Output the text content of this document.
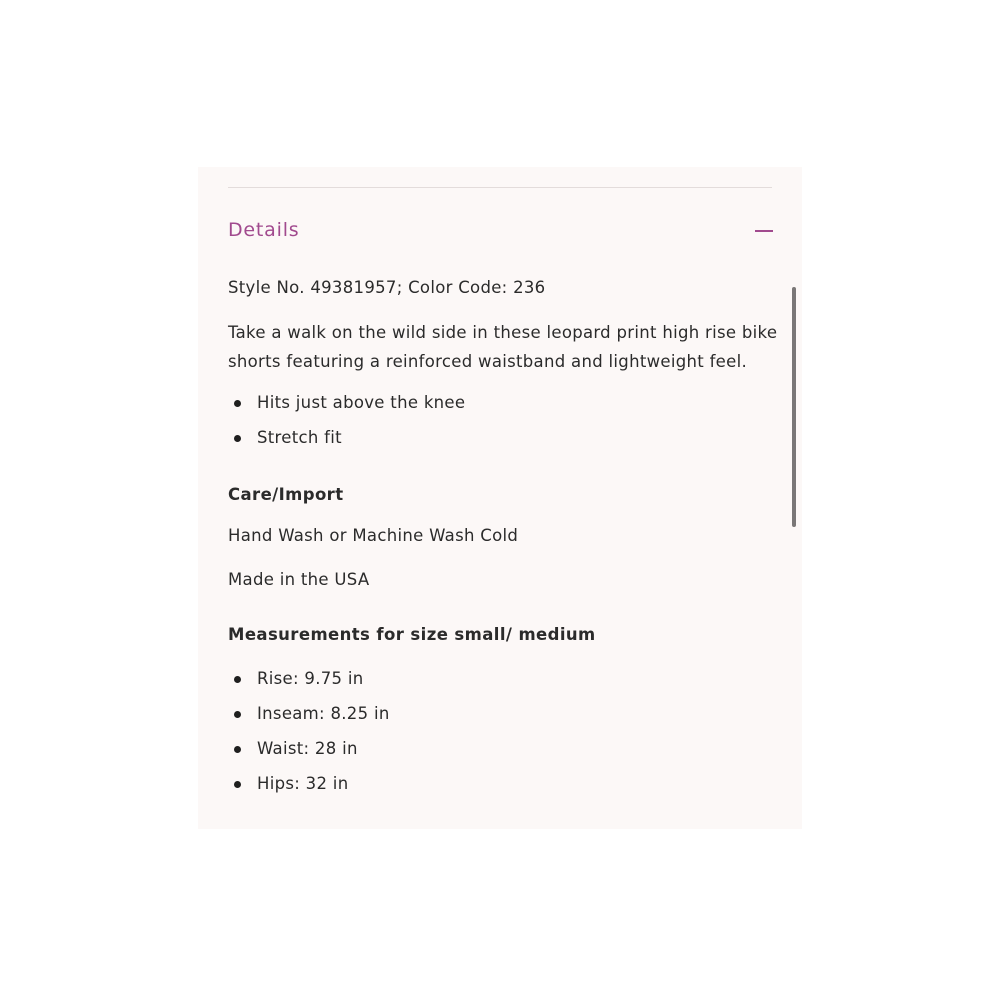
Details
Style No. 49381957; Color Code: 236
Take a walk on the wild side in these leopard print high rise bike shorts featuring a reinforced waistband and lightweight feel.
Hits just above the knee
Stretch fit
Care/Import
Hand Wash or Machine Wash Cold
Made in the USA
Measurements for size small/ medium
Rise: 9.75 in
Inseam: 8.25 in
Waist: 28 in
Hips: 32 in
